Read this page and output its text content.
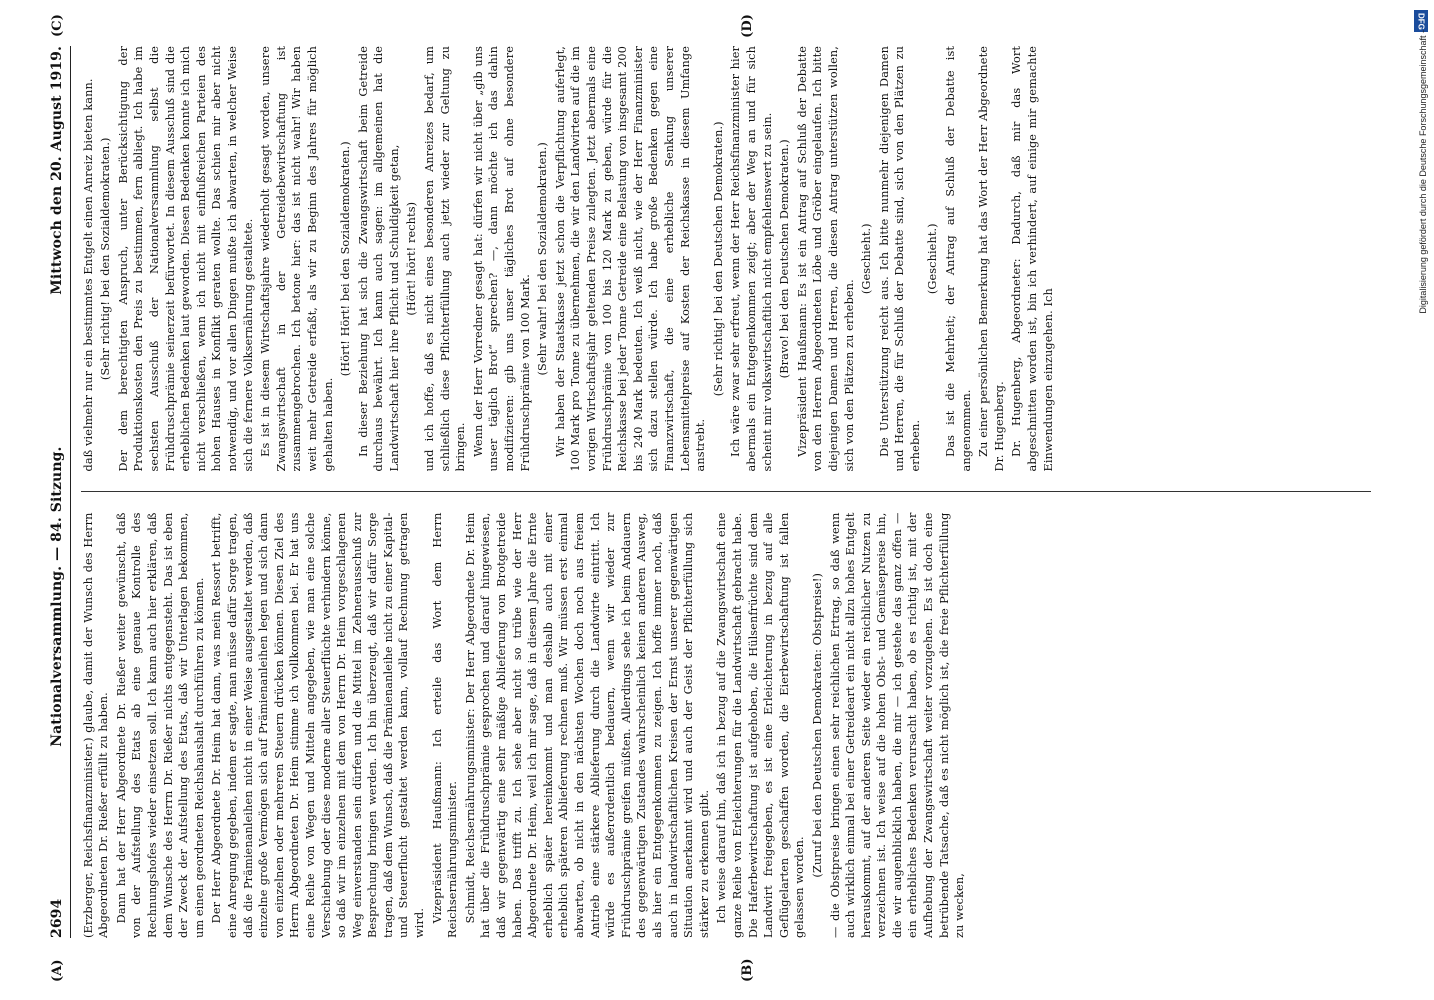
2694
Nationalversammlung. — 84. Sitzung.
Mittwoch den 20. August 1919.

(Erzberger, Reichsfinanzminister.) glaube, damit der Wunsch des Herrn Abgeordneten Dr. Rießer erfüllt zu haben. Dann hat der Herr Abgeordnete Dr. Rießer weiter gewünscht, daß von der Aufstellung des Etats ab eine genaue Kontrolle des Rechnungshofes wieder einsetzen soll. Ich kann auch hier erklären, daß dem Wunsche des Herrn Dr. Rießer nichts entgegensteht. Das ist eben der Zweck der Aufstellung des Etats, daß wir Unterlagen bekommen, um einen geordneten Reichshaushalt durchführen zu können. Der Herr Abgeordnete Dr. Heim hat dann, was mein Ressort betrifft, eine Anregung gegeben, indem er sagte, man müsse dafür Sorge tragen, daß die Prämienanleihen nicht in einer Weise ausgestaltet werden, daß einzelne große Vermögen sich auf Prämienanleihen legen und sich dann von einzelnen oder mehreren Steuern drücken können. Diesen Ziel des Herrn Abgeordneten Dr. Heim stimme ich vollkommen bei. Er hat uns eine Reihe von Wegen und Mitteln angegeben, wie man eine solche Verschiebung oder diese moderne aller Steuerflüchte verhindern könne, so daß wir im einzelnen mit dem von Herrn Dr. Heim vorgeschlagenen Weg einverstanden sein dürfen und die Mittel im Zehnerausschuß zur Besprechung bringen werden. Ich bin überzeugt, daß wir dafür Sorge tragen, daß dem Wunsch, daß die Prämienanleihe nicht zu einer Kapital- und Steuerflucht gestaltet werden kann, vollauf Rechnung getragen wird. Vizepräsident Haußmann: Ich erteile das Wort dem Herrn Reichsernährungsminister. Schmidt, Reichsernährungsminister: Der Herr Abgeordnete Dr. Heim hat über die Frühdruschprämie gesprochen und darauf hingewiesen, daß wir gegenwärtig eine sehr mäßige Ablieferung von Brotgetreide haben. Das trifft zu. Ich sehe aber nicht so trübe wie der Herr Abgeordnete Dr. Heim, weil ich mir sage, daß in diesem Jahre die Ernte erheblich später hereinkommt und man deshalb auch mit einer erheblich späteren Ablieferung rechnen muß. Wir müssen erst einmal abwarten, ob nicht in den nächsten Wochen doch noch aus freiem Antrieb eine stärkere Ablieferung durch die Landwirte eintritt. Ich würde es außerordentlich bedauern, wenn wir wieder zur Frühdruschprämie greifen müßten. Allerdings sehe ich beim Andauern des gegenwärtigen Zustandes wahrscheinlich keinen anderen Ausweg, als hier ein Entgegenkommen zu zeigen. Ich hoffe immer noch, daß auch in landwirtschaftlichen Kreisen der Ernst unserer gegenwärtigen Situation anerkannt wird und auch der Geist der Pflichterfüllung sich stärker zu erkennen gibt. Ich weise darauf hin, daß ich in bezug auf die Zwangswirtschaft eine ganze Reihe von Erleichterungen für die Landwirtschaft gebracht habe. Die Haferbewirtschaftung ist aufgehoben, die Hülsenfrüchte sind dem Landwirt freigegeben, es ist eine Erleichterung in bezug auf alle Geflügelarten geschaffen worden, die Eierbewirtschaftung ist fallen gelassen worden.

(Zuruf bei den Deutschen Demokraten: Obstpreise!) — die Obstpreise bringen einen sehr reichlichen Ertrag, so daß wenn auch wirklich einmal bei einer Getreideart ein nicht allzu hohes Entgelt herauskommt, auf der anderen Seite wieder ein reichlicher Nutzen zu verzeichnen ist. Ich weise auf die hohen Obst- und Gemüsepreise hin, die wir augenblicklich haben, die mir — ich gestehe das ganz offen — ein erhebliches Bedenken verursacht haben, ob es richtig ist, mit der Aufhebung der Zwangswirtschaft weiter vorzugehen. Es ist doch eine betrübende Tatsache, daß es nicht möglich ist, die freie Pflichterfüllung zu wecken,

daß vielmehr nur ein bestimmtes Entgelt einen Anreiz bieten kann. (Sehr richtig! bei den Sozialdemokraten.) Der dem berechtigten Anspruch, unter Berücksichtigung der Produktionskosten den Preis zu bestimmen, fern abliegt. Ich habe im sechsten Ausschuß der Nationalversammlung selbst die Frühdruschprämie seinerzeit befürwortet. In diesem Ausschuß sind die erheblichen Bedenken laut geworden. Diesen Bedenken konnte ich mich nicht verschließen, wenn ich nicht mit einflußreichen Parteien des hohen Hauses in Konflikt geraten wollte. Das schien mir aber nicht notwendig, und vor allen Dingen mußte ich abwarten, in welcher Weise sich die fernere Volksernährung gestaltete. Es ist in diesem Wirtschaftsjahre wiederholt gesagt worden, unsere Zwangswirtschaft in der Getreidebewirtschaftung ist zusammengebrochen. Ich betone hier: das ist nicht wahr! Wir haben weit mehr Getreide erfaßt, als wir zu Beginn des Jahres für möglich gehalten haben.

(Hört! Hört! bei den Sozialdemokraten.) In dieser Beziehung hat sich die Zwangswirtschaft beim Getreide durchaus bewährt. Ich kann auch sagen: im allgemeinen hat die Landwirtschaft hier ihre Pflicht und Schuldigkeit getan, (Hört! hört! rechts) und ich hoffe, daß es nicht eines besonderen Anreizes bedarf, um schließlich diese Pflichterfüllung auch jetzt wieder zur Geltung zu bringen. Wenn der Herr Vorredner gesagt hat: dürfen wir nicht über „gib uns unser täglich Brot“ sprechen? —, dann möchte ich das dahin modifizieren: gib uns unser tägliches Brot auf ohne besondere Frühdruschprämie von 100 Mark. (Sehr wahr! bei den Sozialdemokraten.) Wir haben der Staatskasse jetzt schon die Verpflichtung auferlegt, 100 Mark pro Tonne zu übernehmen, die wir den Landwirten auf die im vorigen Wirtschaftsjahr geltenden Preise zulegten. Jetzt abermals eine Frühdruschprämie von 100 bis 120 Mark zu geben, würde für die Reichskasse bei jeder Tonne Getreide eine Belastung von insgesamt 200 bis 240 Mark bedeuten. Ich weiß nicht, wie der Herr Finanzminister sich dazu stellen würde. Ich habe große Bedenken gegen eine Finanzwirtschaft, die eine erhebliche Senkung unserer Lebensmittelpreise auf Kosten der Reichskasse in diesem Umfange anstrebt.

(Sehr richtig! bei den Deutschen Demokraten.) Ich wäre zwar sehr erfreut, wenn der Herr Reichsfinanzminister hier abermals ein Entgegenkommen zeigt; aber der Weg an und für sich scheint mir volkswirtschaftlich nicht empfehlenswert zu sein. (Bravo! bei den Deutschen Demokraten.) Vizepräsident Haußmann: Es ist ein Antrag auf Schluß der Debatte von den Herren Abgeordneten Löbe und Gröber eingelaufen. Ich bitte diejenigen Damen und Herren, die diesen Antrag unterstützen wollen, sich von den Plätzen zu erheben.

(Geschieht.) Die Unterstützung reicht aus. Ich bitte nunmehr diejenigen Damen und Herren, die für Schluß der Debatte sind, sich von den Plätzen zu erheben.

(Geschieht.) Das ist die Mehrheit; der Antrag auf Schluß der Debatte ist angenommen. Zu einer persönlichen Bemerkung hat das Wort der Herr Abgeordnete Dr. Hugenberg. Dr. Hugenberg, Abgeordneter: Dadurch, daß mir das Wort abgeschnitten worden ist, bin ich verhindert, auf einige mir gemachte Einwendungen einzugehen. Ich

(A)	(B)
(C)	(D)	DFG
Digitalisierung gefördert durch die Deutsche Forschungsgemeinschaft -
